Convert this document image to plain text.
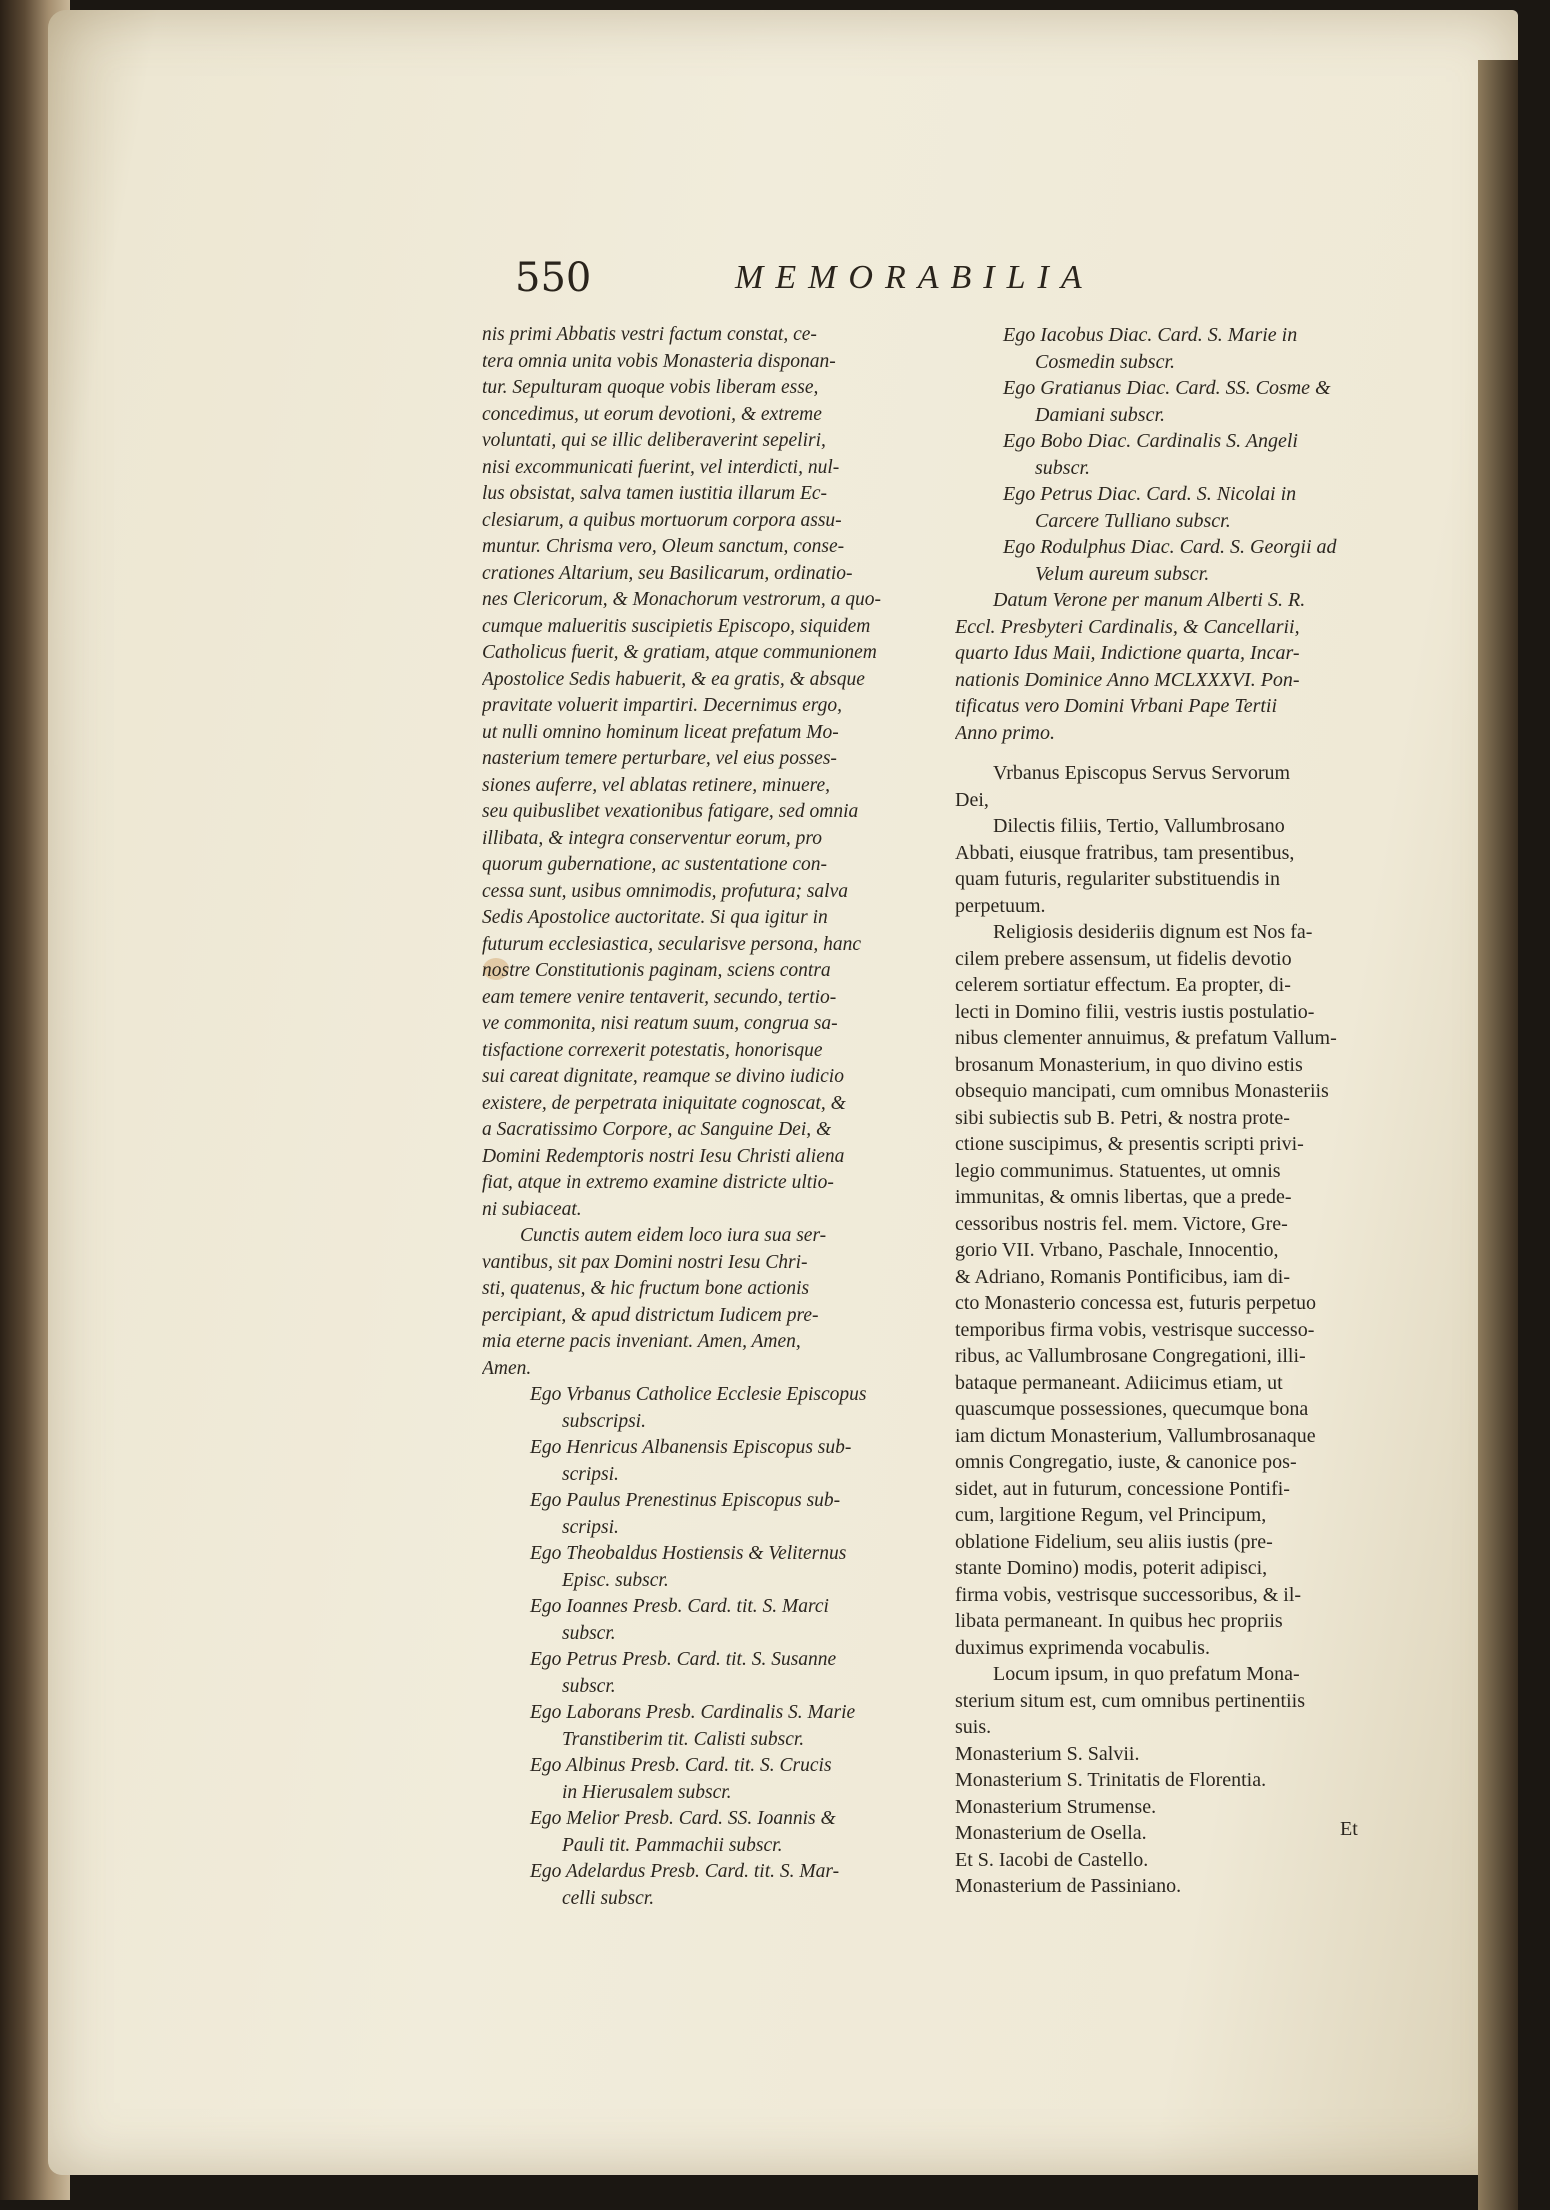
550	MEMORABILIA
nis primi Abbatis vestri factum constat, ce-
tera omnia unita vobis Monasteria disponan-
tur. Sepulturam quoque vobis liberam esse,
concedimus, ut eorum devotioni, & extreme
voluntati, qui se illic deliberaverint sepeliri,
nisi excommunicati fuerint, vel interdicti, nul-
lus obsistat, salva tamen iustitia illarum Ec-
clesiarum, a quibus mortuorum corpora assu-
muntur. Chrisma vero, Oleum sanctum, conse-
crationes Altarium, seu Basilicarum, ordinatio-
nes Clericorum, & Monachorum vestrorum, a quo-
cumque malueritis suscipietis Episcopo, siquidem
Catholicus fuerit, & gratiam, atque communionem
Apostolice Sedis habuerit, & ea gratis, & absque
pravitate voluerit impartiri. Decernimus ergo,
ut nulli omnino hominum liceat prefatum Mo-
nasterium temere perturbare, vel eius posses-
siones auferre, vel ablatas retinere, minuere,
seu quibuslibet vexationibus fatigare, sed omnia
illibata, & integra conserventur eorum, pro
quorum gubernatione, ac sustentatione con-
cessa sunt, usibus omnimodis, profutura; salva
Sedis Apostolice auctoritate. Si qua igitur in
futurum ecclesiastica, secularisve persona, hanc
nostre Constitutionis paginam, sciens contra
eam temere venire tentaverit, secundo, tertio-
ve commonita, nisi reatum suum, congrua sa-
tisfactione correxerit potestatis, honorisque
sui careat dignitate, reamque se divino iudicio
existere, de perpetrata iniquitate cognoscat, &
a Sacratissimo Corpore, ac Sanguine Dei, &
Domini Redemptoris nostri Iesu Christi aliena
fiat, atque in extremo examine districte ultio-
ni subiaceat.
Cunctis autem eidem loco iura sua ser-
vantibus, sit pax Domini nostri Iesu Chri-
sti, quatenus, & hic fructum bone actionis
percipiant, & apud districtum Iudicem pre-
mia eterne pacis inveniant. Amen, Amen,
Amen.
Ego Vrbanus Catholice Ecclesie Episcopus
subscripsi.
Ego Henricus Albanensis Episcopus sub-
scripsi.
Ego Paulus Prenestinus Episcopus sub-
scripsi.
Ego Theobaldus Hostiensis & Veliternus
Episc. subscr.
Ego Ioannes Presb. Card. tit. S. Marci
subscr.
Ego Petrus Presb. Card. tit. S. Susanne
subscr.
Ego Laborans Presb. Cardinalis S. Marie
Transtiberim tit. Calisti subscr.
Ego Albinus Presb. Card. tit. S. Crucis
in Hierusalem subscr.
Ego Melior Presb. Card. SS. Ioannis &
Pauli tit. Pammachii subscr.
Ego Adelardus Presb. Card. tit. S. Mar-
celli subscr.
Ego Iacobus Diac. Card. S. Marie in
Cosmedin subscr.
Ego Gratianus Diac. Card. SS. Cosme &
Damiani subscr.
Ego Bobo Diac. Cardinalis S. Angeli
subscr.
Ego Petrus Diac. Card. S. Nicolai in
Carcere Tulliano subscr.
Ego Rodulphus Diac. Card. S. Georgii ad
Velum aureum subscr.
Datum Verone per manum Alberti S. R.
Eccl. Presbyteri Cardinalis, & Cancellarii,
quarto Idus Maii, Indictione quarta, Incar-
nationis Dominice Anno MCLXXXVI. Pon-
tificatus vero Domini Vrbani Pape Tertii
Anno primo.
Vrbanus Episcopus Servus Servorum
Dei,
Dilectis filiis, Tertio, Vallumbrosano
Abbati, eiusque fratribus, tam presentibus,
quam futuris, regulariter substituendis in
perpetuum.
Religiosis desideriis dignum est Nos fa-
cilem prebere assensum, ut fidelis devotio
celerem sortiatur effectum. Ea propter, di-
lecti in Domino filii, vestris iustis postulatio-
nibus clementer annuimus, & prefatum Vallum-
brosanum Monasterium, in quo divino estis
obsequio mancipati, cum omnibus Monasteriis
sibi subiectis sub B. Petri, & nostra prote-
ctione suscipimus, & presentis scripti privi-
legio communimus. Statuentes, ut omnis
immunitas, & omnis libertas, que a prede-
cessoribus nostris fel. mem. Victore, Gre-
gorio VII. Vrbano, Paschale, Innocentio,
& Adriano, Romanis Pontificibus, iam di-
cto Monasterio concessa est, futuris perpetuo
temporibus firma vobis, vestrisque successo-
ribus, ac Vallumbrosane Congregationi, illi-
bataque permaneant. Adiicimus etiam, ut
quascumque possessiones, quecumque bona
iam dictum Monasterium, Vallumbrosanaque
omnis Congregatio, iuste, & canonice pos-
sidet, aut in futurum, concessione Pontifi-
cum, largitione Regum, vel Principum,
oblatione Fidelium, seu aliis iustis (pre-
stante Domino) modis, poterit adipisci,
firma vobis, vestrisque successoribus, & il-
libata permaneant. In quibus hec propriis
duximus exprimenda vocabulis.
Locum ipsum, in quo prefatum Mona-
sterium situm est, cum omnibus pertinentiis
suis.
Monasterium S. Salvii.
Monasterium S. Trinitatis de Florentia.
Monasterium Strumense.
Monasterium de Osella.
Et S. Iacobi de Castello.
Monasterium de Passiniano.
Et
